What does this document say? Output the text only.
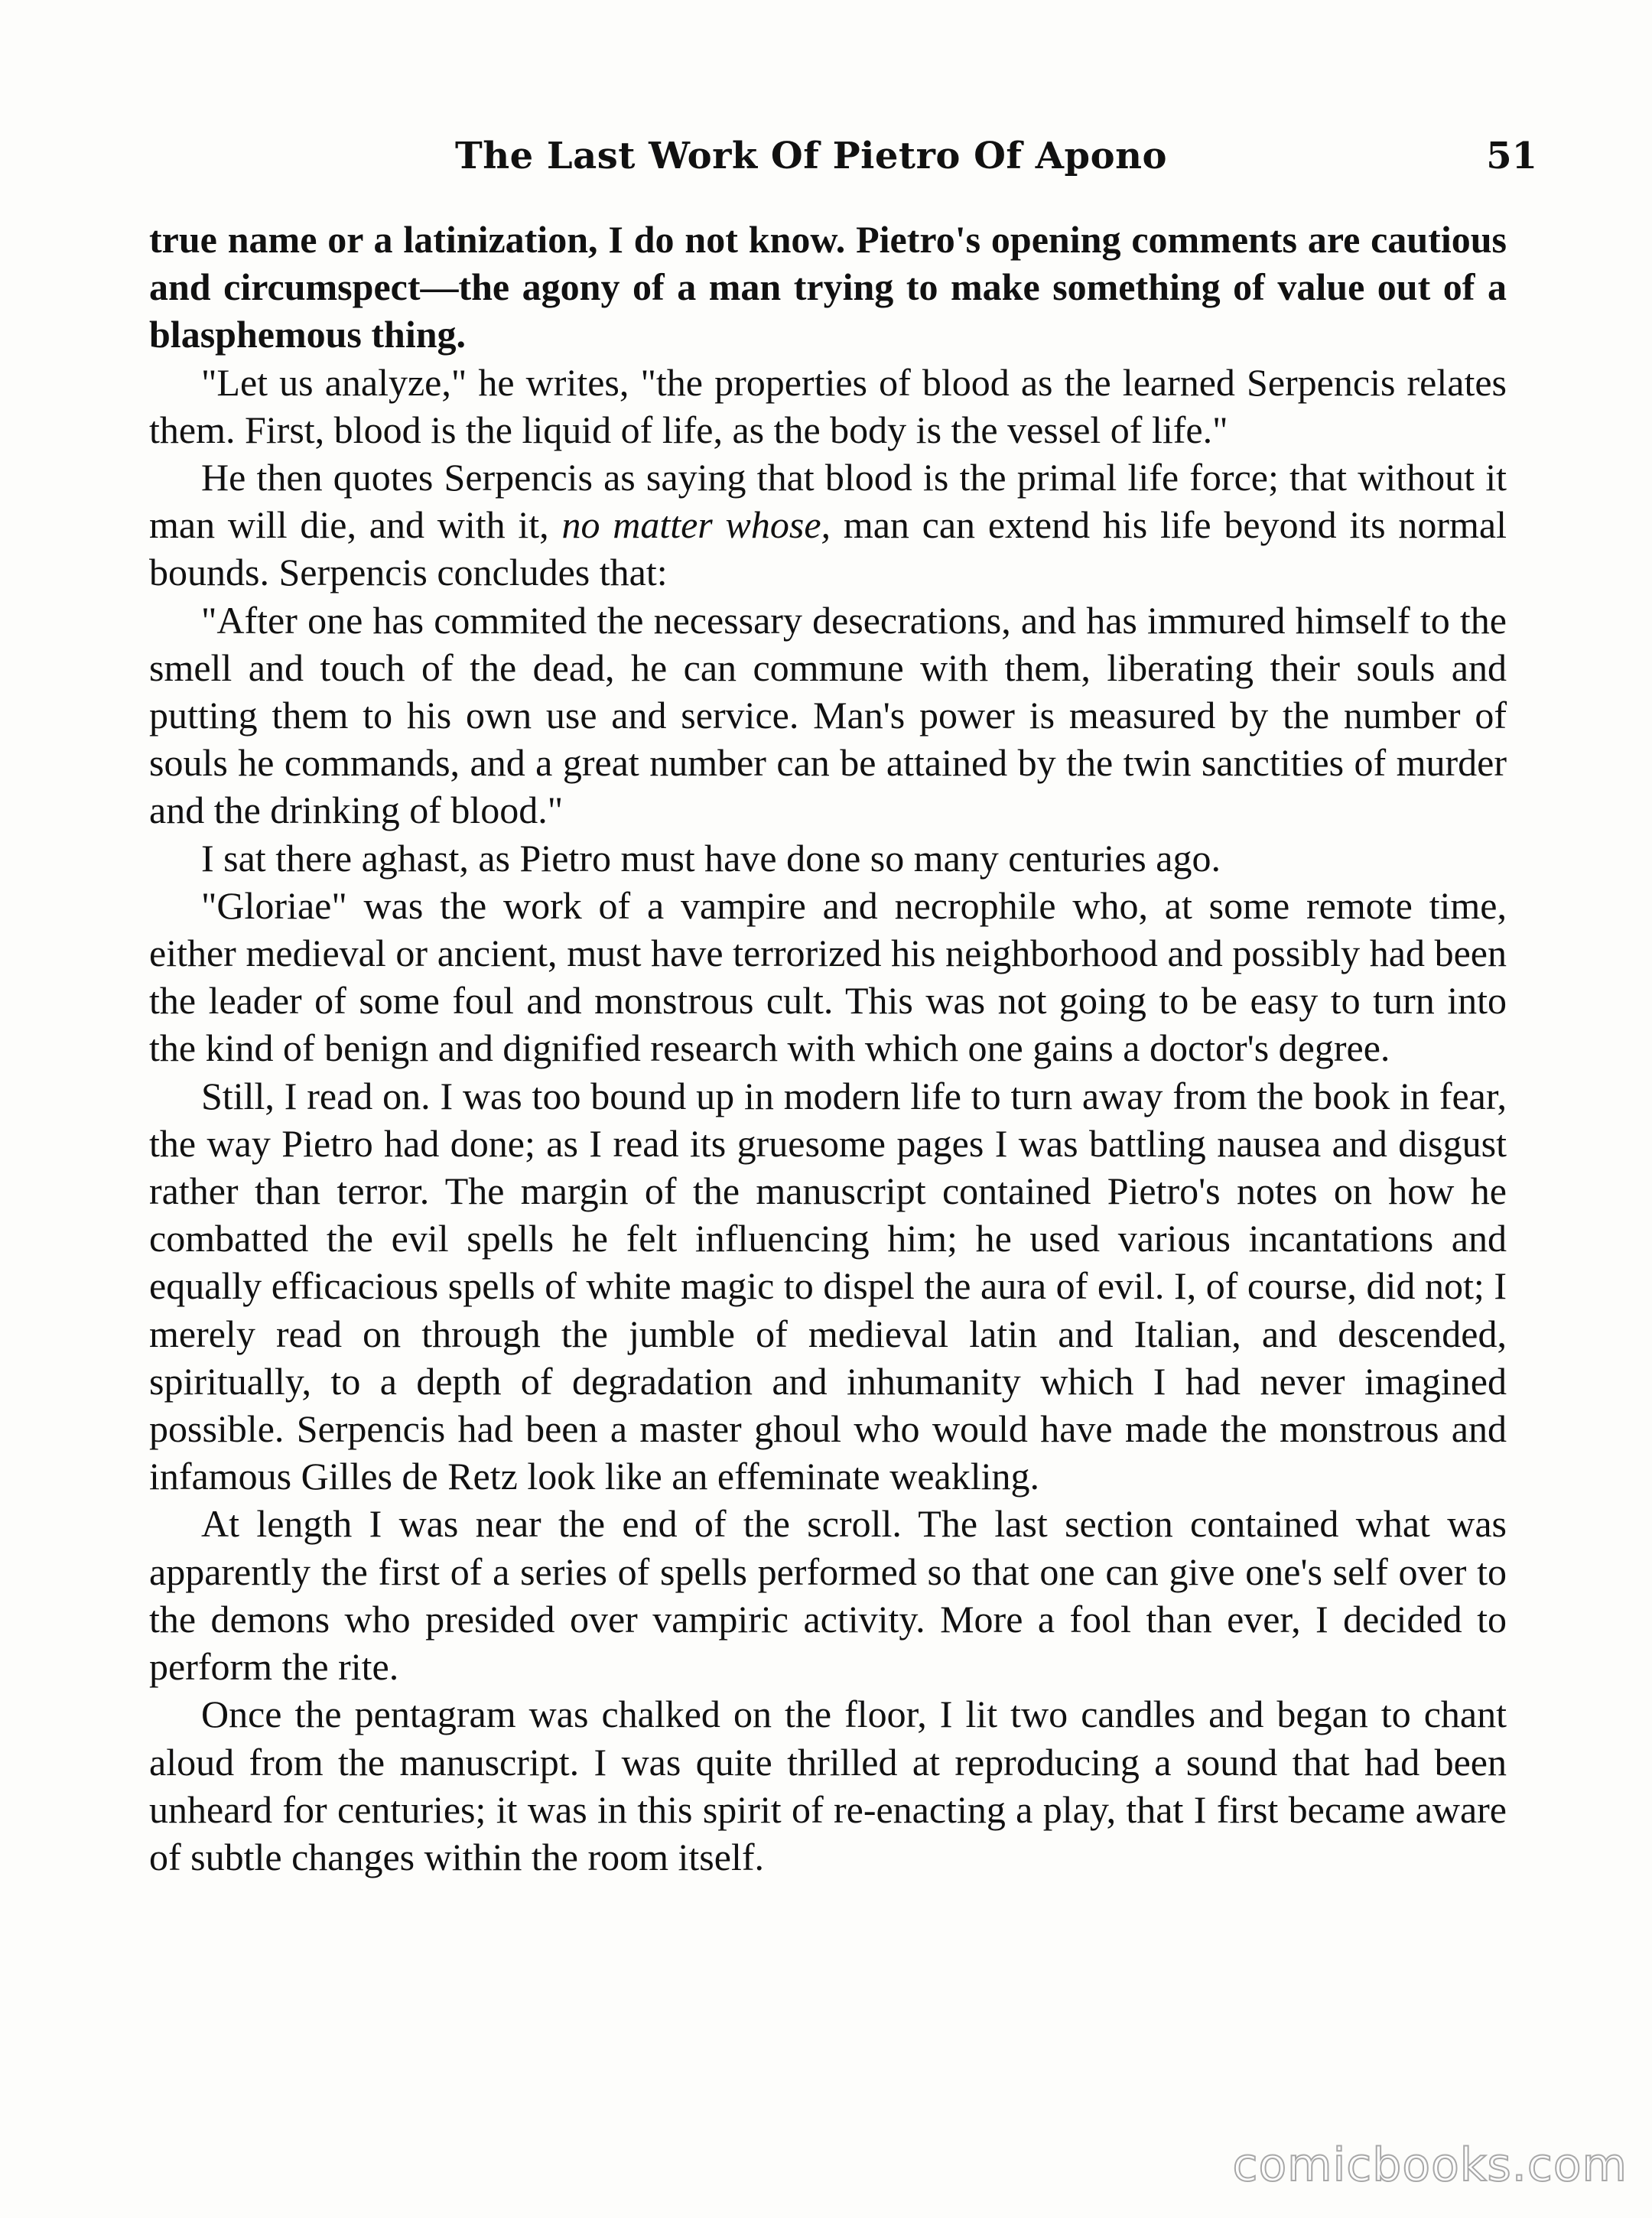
The Last Work Of Pietro Of Apono	51

true name or a latinization, I do not know. Pietro's opening comments are cautious and circumspect—the agony of a man trying to make something of value out of a blasphemous thing.

"Let us analyze," he writes, "the properties of blood as the learned Serpencis relates them. First, blood is the liquid of life, as the body is the vessel of life."

He then quotes Serpencis as saying that blood is the primal life force; that without it man will die, and with it, no matter whose, man can extend his life beyond its normal bounds. Serpencis concludes that:

"After one has commited the necessary desecrations, and has immured himself to the smell and touch of the dead, he can commune with them, liberating their souls and putting them to his own use and service. Man's power is measured by the number of souls he commands, and a great number can be attained by the twin sanctities of murder and the drinking of blood."

I sat there aghast, as Pietro must have done so many centuries ago.

"Gloriae" was the work of a vampire and necrophile who, at some remote time, either medieval or ancient, must have terrorized his neighborhood and possibly had been the leader of some foul and monstrous cult. This was not going to be easy to turn into the kind of benign and dignified research with which one gains a doctor's degree.

Still, I read on. I was too bound up in modern life to turn away from the book in fear, the way Pietro had done; as I read its gruesome pages I was battling nausea and disgust rather than terror. The margin of the manuscript contained Pietro's notes on how he combatted the evil spells he felt influencing him; he used various incantations and equally efficacious spells of white magic to dispel the aura of evil. I, of course, did not; I merely read on through the jumble of medieval latin and Italian, and descended, spiritually, to a depth of degradation and inhumanity which I had never imagined possible. Serpencis had been a master ghoul who would have made the monstrous and infamous Gilles de Retz look like an effeminate weakling.

At length I was near the end of the scroll. The last section contained what was apparently the first of a series of spells performed so that one can give one's self over to the demons who presided over vampiric activity. More a fool than ever, I decided to perform the rite.

Once the pentagram was chalked on the floor, I lit two candles and began to chant aloud from the manuscript. I was quite thrilled at reproducing a sound that had been unheard for centuries; it was in this spirit of re-enacting a play, that I first became aware of subtle changes within the room itself.

comicbooks.com
